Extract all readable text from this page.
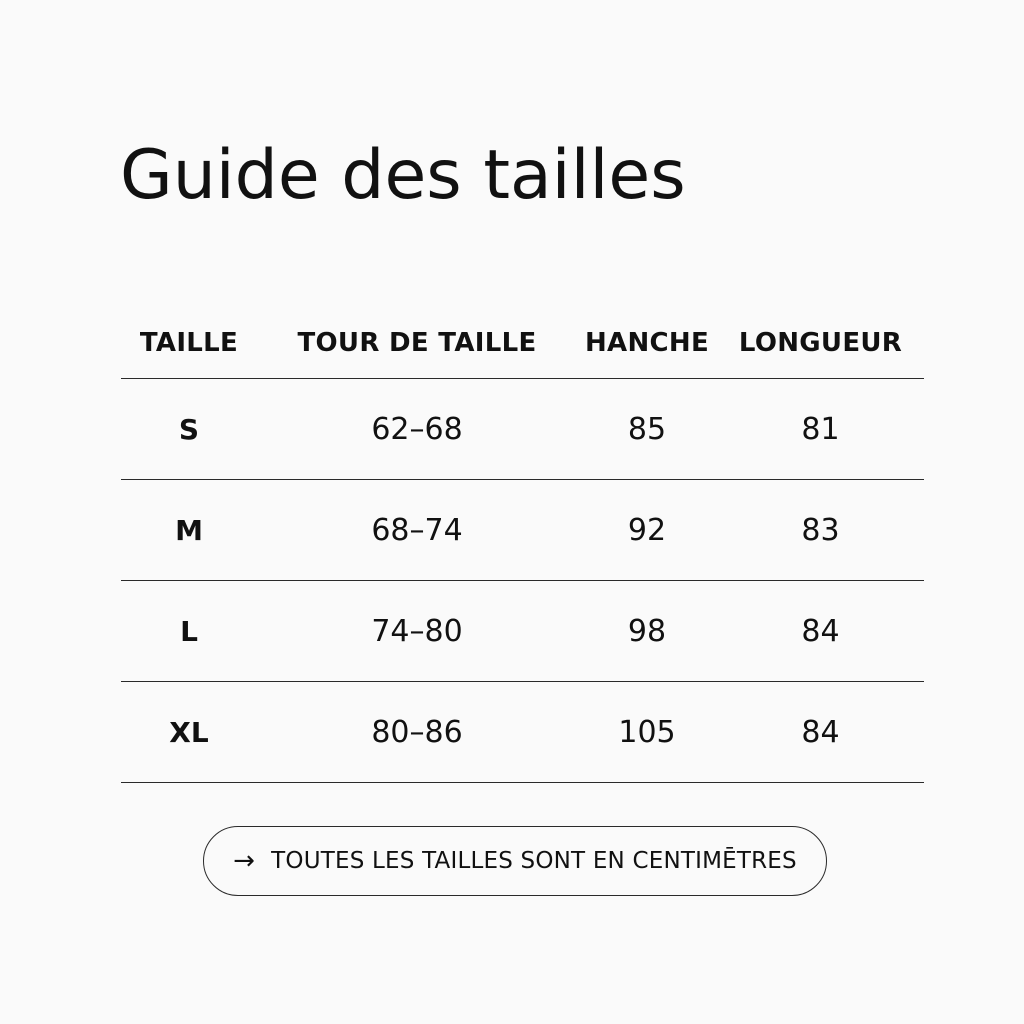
Guide des tailles
TAILLE	TOUR DE TAILLE	HANCHE	LONGUEUR
S	62–68	85	81
M	68–74	92	83
L	74–80	98	84
XL	80–86	105	84
→ TOUTES LES TAILLES SONT EN CENTIMĒTRES
